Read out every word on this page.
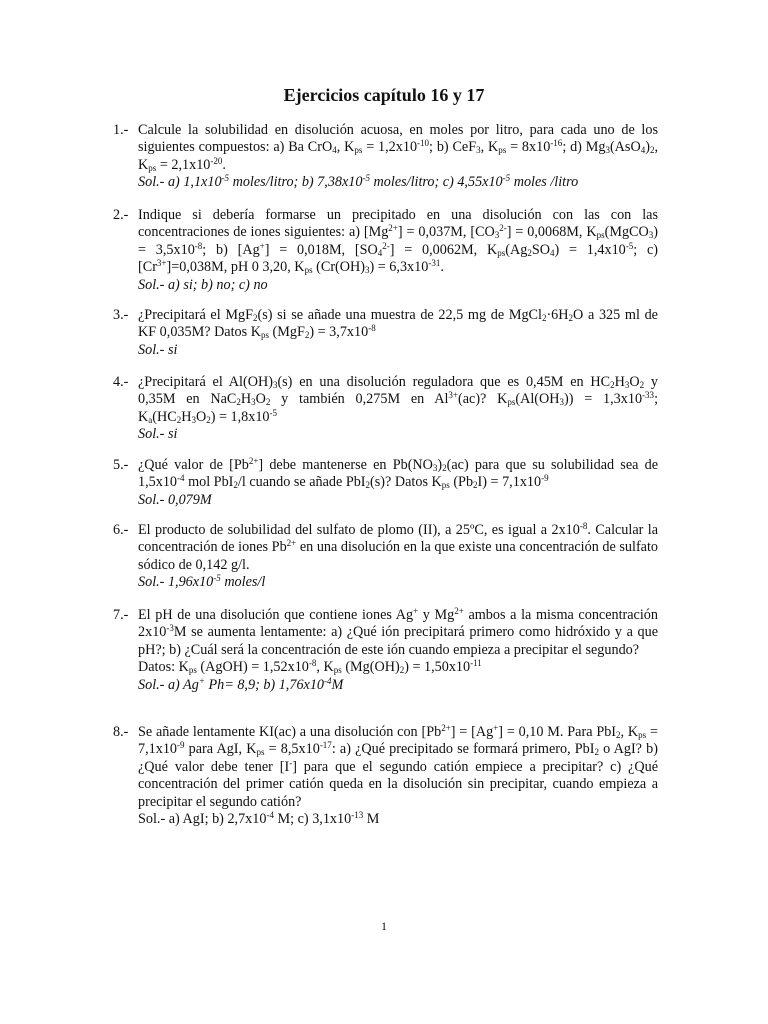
Ejercicios capítulo 16 y 17
1.- Calcule la solubilidad en disolución acuosa, en moles por litro, para cada uno de los siguientes compuestos: a) Ba CrO$_4$, $K_{ps} = 1,2x10^{-10}$; b) CeF$_3$, $K_{ps} = 8x10^{-16}$; d) $Mg_3(AsO_4)_2$, $K_{ps} = 2,1x10^{-20}$.
Sol.- a) $1,1x10^{-5}$ moles/litro; b) $7,38x10^{-5}$ moles/litro; c) $4,55x10^{-5}$ moles /litro
2.- Indique si debería formarse un precipitado en una disolución con las con las concentraciones de iones siguientes: a) $[Mg^{2+}] = 0,037M$, $[CO_3^{2-}] = 0,0068M$, $K_{ps}(MgCO_3) = 3,5x10^{-8}$; b) [Ag+] = 0,018M, $[SO_4^{2-}] = 0,0062M$, $K_{ps}(Ag_2SO_4) = 1,4x10^{-5}$; c) $[Cr^{3+}]=0,038M$, pH 0 3,20, $K_{ps}$ $(Cr(OH)_3) = 6,3x10^{-31}$.
Sol.- a) si; b) no; c) no
3.- ¿Precipitará el MgF$_2$(s) si se añade una muestra de 22,5 mg de $MgCl_2\cdot 6H_2O$ a 325 ml de KF 0,035M? Datos $K_{ps}$ $(MgF_2) = 3,7x10^{-8}$
Sol.- si
4.- ¿Precipitará el $Al(OH)_3(s)$ en una disolución reguladora que es 0,45M en $HC_2H_3O_2$ y 0,35M en $NaC_2H_3O_2$ y también 0,275M en $Al^{3+}(ac)$? $K_{ps}(Al(OH_3)) = 1,3x10^{-33}$; $K_a(HC_2H_3O_2) = 1,8x10^{-5}$
Sol.- si
5.- ¿Qué valor de $[Pb^{2+}]$ debe mantenerse en $Pb(NO_3)_2(ac)$ para que su solubilidad sea de $1,5x10^{-4}$ mol PbI$_2$/l cuando se añade PbI$_2$(s)? Datos $K_{ps}$ $(Pb_2I) = 7,1x10^{-9}$
Sol.- 0,079M
6.- El producto de solubilidad del sulfato de plomo (II), a 25ºC, es igual a $2x10^{-8}$. Calcular la concentración de iones $Pb^{2+}$ en una disolución en la que existe una concentración de sulfato sódico de 0,142 g/l.
Sol.- $1,96x10^{-5}$ moles/l
7.- El pH de una disolución que contiene iones Ag+ y $Mg^{2+}$ ambos a la misma concentración $2x10^{-3}M$ se aumenta lentamente: a) ¿Qué ión precipitará primero como hidróxido y a que pH?; b) ¿Cuál será la concentración de este ión cuando empieza a precipitar el segundo?
Datos: $K_{ps}$ (AgOH) = $1,52x10^{-8}$, $K_{ps}$ $(Mg(OH)_2) = 1,50x10^{-11}$
Sol.- a) Ag+ Ph= 8,9; b) $1,76x10^{-4}M$
8.- Se añade lentamente KI(ac) a una disolución con $[Pb^{2+}] = [Ag^+] = 0,10$ M. Para PbI$_2$, $K_{ps} = 7,1x10^{-9}$ para AgI, $K_{ps} = 8,5x10^{-17}$: a) ¿Qué precipitado se formará primero, PbI$_2$ o AgI? b) ¿Qué valor debe tener [I-] para que el segundo catión empiece a precipitar? c) ¿Qué concentración del primer catión queda en la disolución sin precipitar, cuando empieza a precipitar el segundo catión?
Sol.- a) AgI; b) $2,7x10^{-4}$ M; c) $3,1x10^{-13}$ M
1
